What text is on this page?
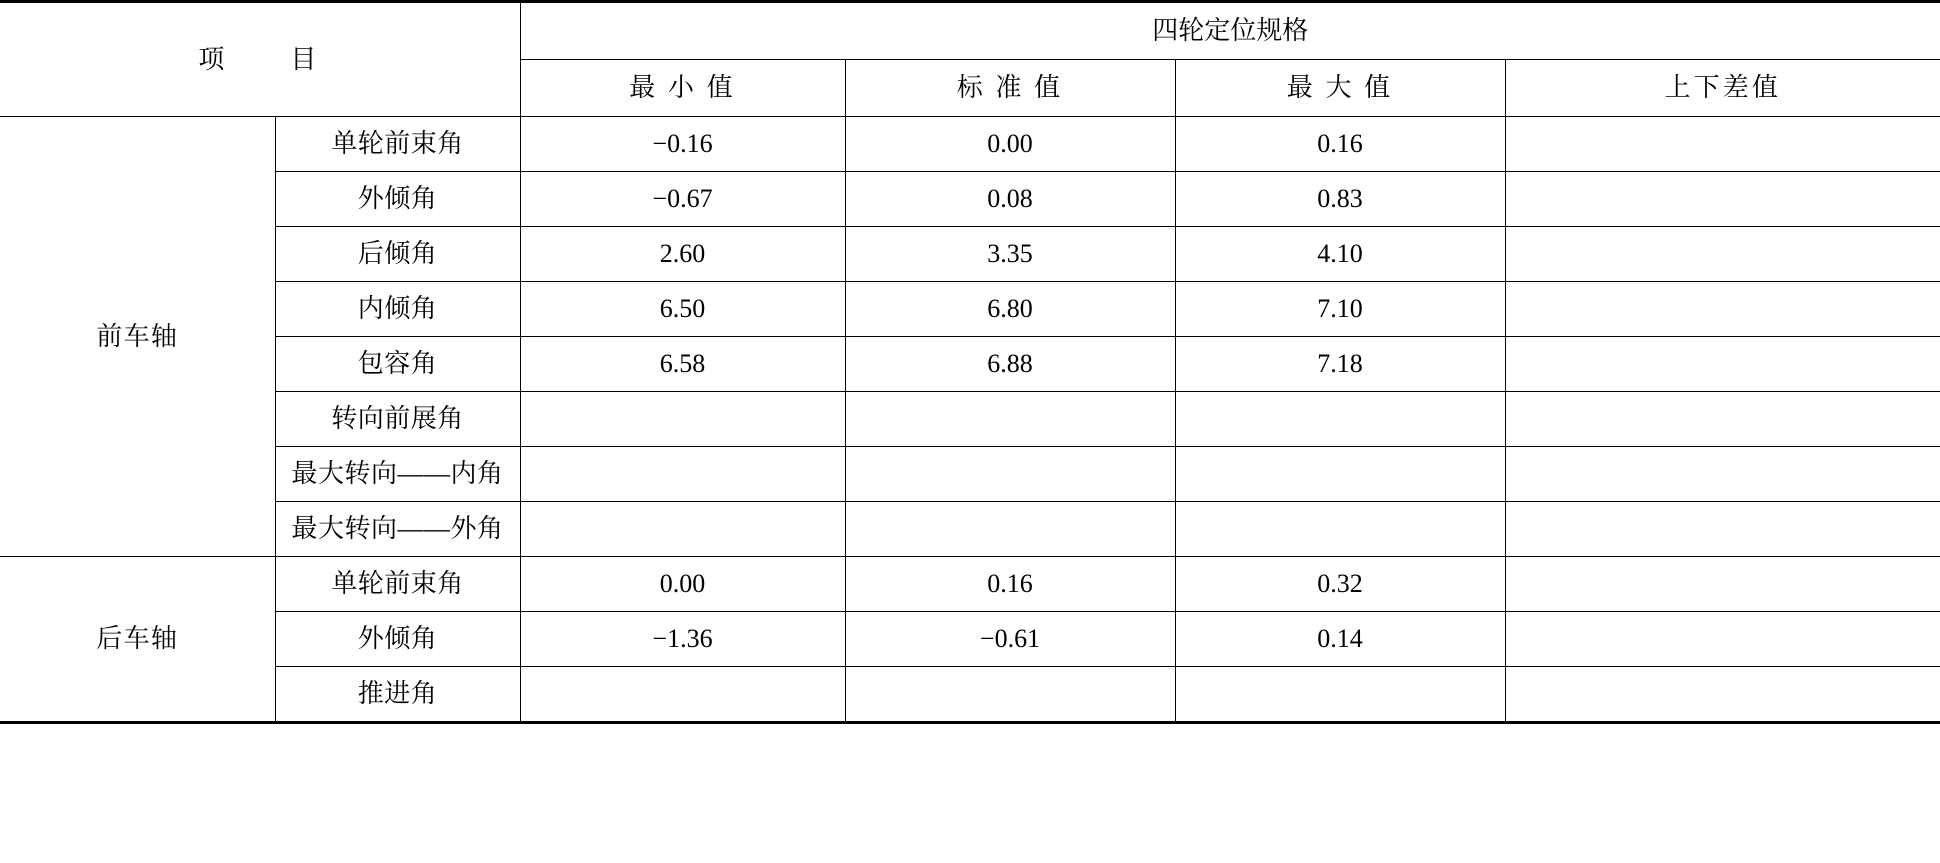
项　　目		四轮定位规格			
		最 小 值	标 准 值	最 大 值	上下差值
前车轴	单轮前束角	−0.16	0.00	0.16	
	外倾角	−0.67	0.08	0.83	
	后倾角	2.60	3.35	4.10	
	内倾角	6.50	6.80	7.10	
	包容角	6.58	6.88	7.18	
	转向前展角				
	最大转向——内角				
	最大转向——外角				
后车轴	单轮前束角	0.00	0.16	0.32	
	外倾角	−1.36	−0.61	0.14	
	推进角				
